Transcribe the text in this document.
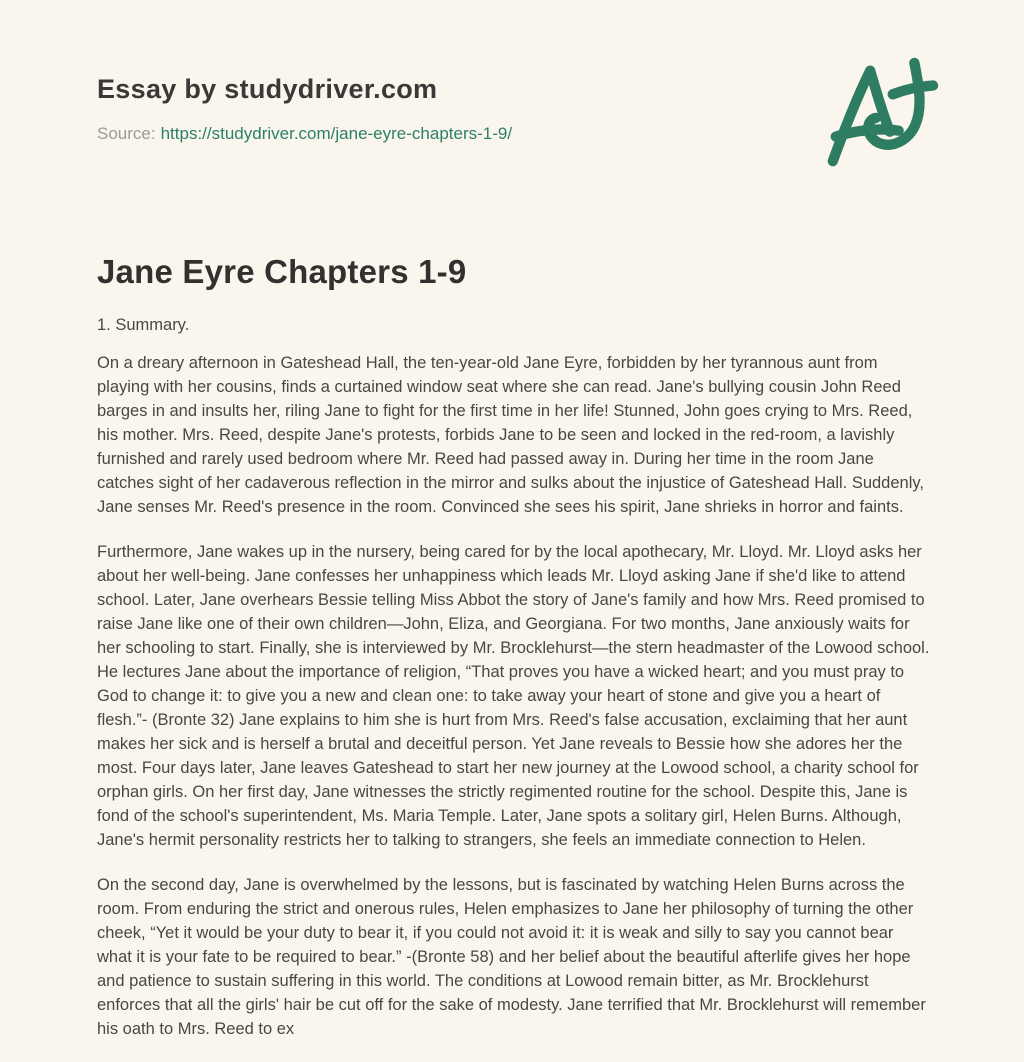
Essay by studydriver.com
Source: https://studydriver.com/jane-eyre-chapters-1-9/
Jane Eyre Chapters 1-9
1. Summary.

On a dreary afternoon in Gateshead Hall, the ten-year-old Jane Eyre, forbidden by her tyrannous aunt from playing with her cousins, finds a curtained window seat where she can read. Jane's bullying cousin John Reed barges in and insults her, riling Jane to fight for the first time in her life! Stunned, John goes crying to Mrs. Reed, his mother. Mrs. Reed, despite Jane's protests, forbids Jane to be seen and locked in the red-room, a lavishly furnished and rarely used bedroom where Mr. Reed had passed away in. During her time in the room Jane catches sight of her cadaverous reflection in the mirror and sulks about the injustice of Gateshead Hall. Suddenly, Jane senses Mr. Reed's presence in the room. Convinced she sees his spirit, Jane shrieks in horror and faints.

Furthermore, Jane wakes up in the nursery, being cared for by the local apothecary, Mr. Lloyd. Mr. Lloyd asks her about her well-being. Jane confesses her unhappiness which leads Mr. Lloyd asking Jane if she'd like to attend school. Later, Jane overhears Bessie telling Miss Abbot the story of Jane's family and how Mrs. Reed promised to raise Jane like one of their own children—John, Eliza, and Georgiana. For two months, Jane anxiously waits for her schooling to start. Finally, she is interviewed by Mr. Brocklehurst—the stern headmaster of the Lowood school. He lectures Jane about the importance of religion, “That proves you have a wicked heart; and you must pray to God to change it: to give you a new and clean one: to take away your heart of stone and give you a heart of flesh.”- (Bronte 32) Jane explains to him she is hurt from Mrs. Reed's false accusation, exclaiming that her aunt makes her sick and is herself a brutal and deceitful person. Yet Jane reveals to Bessie how she adores her the most. Four days later, Jane leaves Gateshead to start her new journey at the Lowood school, a charity school for orphan girls. On her first day, Jane witnesses the strictly regimented routine for the school. Despite this, Jane is fond of the school's superintendent, Ms. Maria Temple. Later, Jane spots a solitary girl, Helen Burns. Although, Jane's hermit personality restricts her to talking to strangers, she feels an immediate connection to Helen.

On the second day, Jane is overwhelmed by the lessons, but is fascinated by watching Helen Burns across the room. From enduring the strict and onerous rules, Helen emphasizes to Jane her philosophy of turning the other cheek, “Yet it would be your duty to bear it, if you could not avoid it: it is weak and silly to say you cannot bear what it is your fate to be required to bear.” -(Bronte 58) and her belief about the beautiful afterlife gives her hope and patience to sustain suffering in this world. The conditions at Lowood remain bitter, as Mr. Brocklehurst enforces that all the girls' hair be cut off for the sake of modesty. Jane terrified that Mr. Brocklehurst will remember his oath to Mrs. Reed to ex
